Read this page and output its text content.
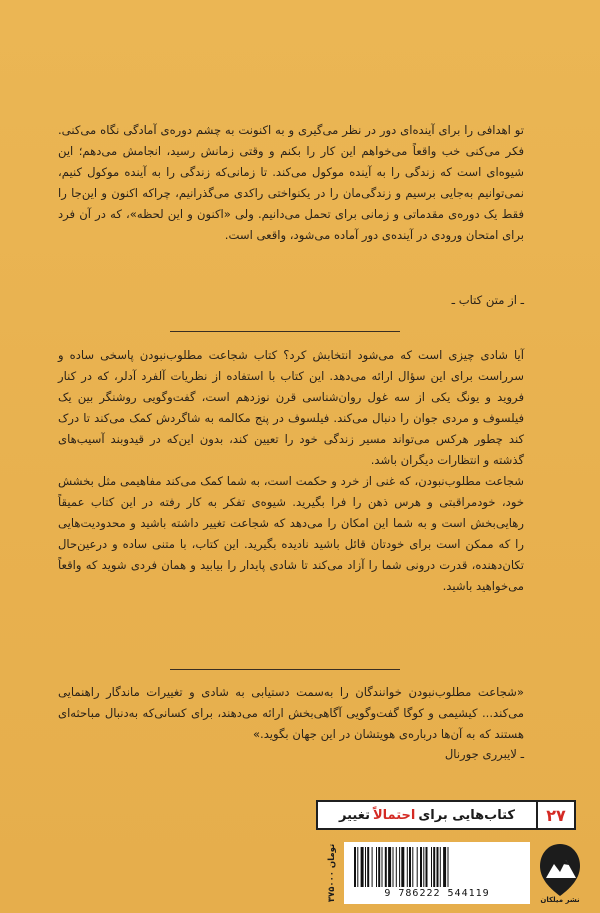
تو اهدافی را برای آینده‌ای دور در نظر می‌گیری و به اکنونت به چشم دوره‌ی آمادگی نگاه می‌کنی. فکر می‌کنی خب واقعاً می‌خواهم این کار را بکنم و وقتی زمانش رسید، انجامش می‌دهم؛ این شیوه‌ای است که زندگی را به آینده موکول می‌کند. تا زمانی‌که زندگی را به آینده موکول کنیم، نمی‌توانیم به‌جایی برسیم و زندگی‌مان را در یکنواختی راکدی می‌گذرانیم، چراکه اکنون و این‌جا را فقط یک دوره‌ی مقدماتی و زمانی برای تحمل می‌دانیم. ولی «اکنون و این لحظه»، که در آن فرد برای امتحان ورودی در آینده‌ی دور آماده می‌شود، واقعی است.

ـ از متن کتاب ـ

آیا شادی چیزی است که می‌شود انتخابش کرد؟ کتاب شجاعت مطلوب‌نبودن پاسخی ساده و سرراست برای این سؤال ارائه می‌دهد. این کتاب با استفاده از نظریات آلفرد آدلر، که در کنار فروید و یونگ یکی از سه غول روان‌شناسی قرن نوزدهم است، گفت‌وگویی روشنگر بین یک فیلسوف و مردی جوان را دنبال می‌کند. فیلسوف در پنج مکالمه به شاگردش کمک می‌کند تا درک کند چطور هرکس می‌تواند مسیر زندگی خود را تعیین کند، بدون این‌که در قیدوبند آسیب‌های گذشته و انتظارات دیگران باشد.

شجاعت مطلوب‌نبودن، که غنی از خرد و حکمت است، به شما کمک می‌کند مفاهیمی مثل بخشش خود، خودمراقبتی و هرس ذهن را فرا بگیرید. شیوه‌ی تفکر به کار رفته در این کتاب عمیقاً رهایی‌بخش است و به شما این امکان را می‌دهد که شجاعت تغییر داشته باشید و محدودیت‌هایی را که ممکن است برای خودتان قائل باشید نادیده بگیرید. این کتاب، با متنی ساده و درعین‌حال تکان‌دهنده، قدرت درونی شما را آزاد می‌کند تا شادی پایدار را بیابید و همان فردی شوید که واقعاً می‌خواهید باشید.

«شجاعت مطلوب‌نبودن خوانندگان را به‌سمت دستیابی به شادی و تغییرات ماندگار راهنمایی می‌کند... کیشیمی و کوگا گفت‌وگویی آگاهی‌بخش ارائه می‌دهند، برای کسانی‌که به‌دنبال مباحثه‌ای هستند که به آن‌ها درباره‌ی هویتشان در این جهان بگوید.»
ـ لایبرری جورنال
۲۷
کتاب‌هایی برای
احتمالاً
تغییر
۳۷۵۰۰۰ تومان
9 786222 544119
نشر میلکان
